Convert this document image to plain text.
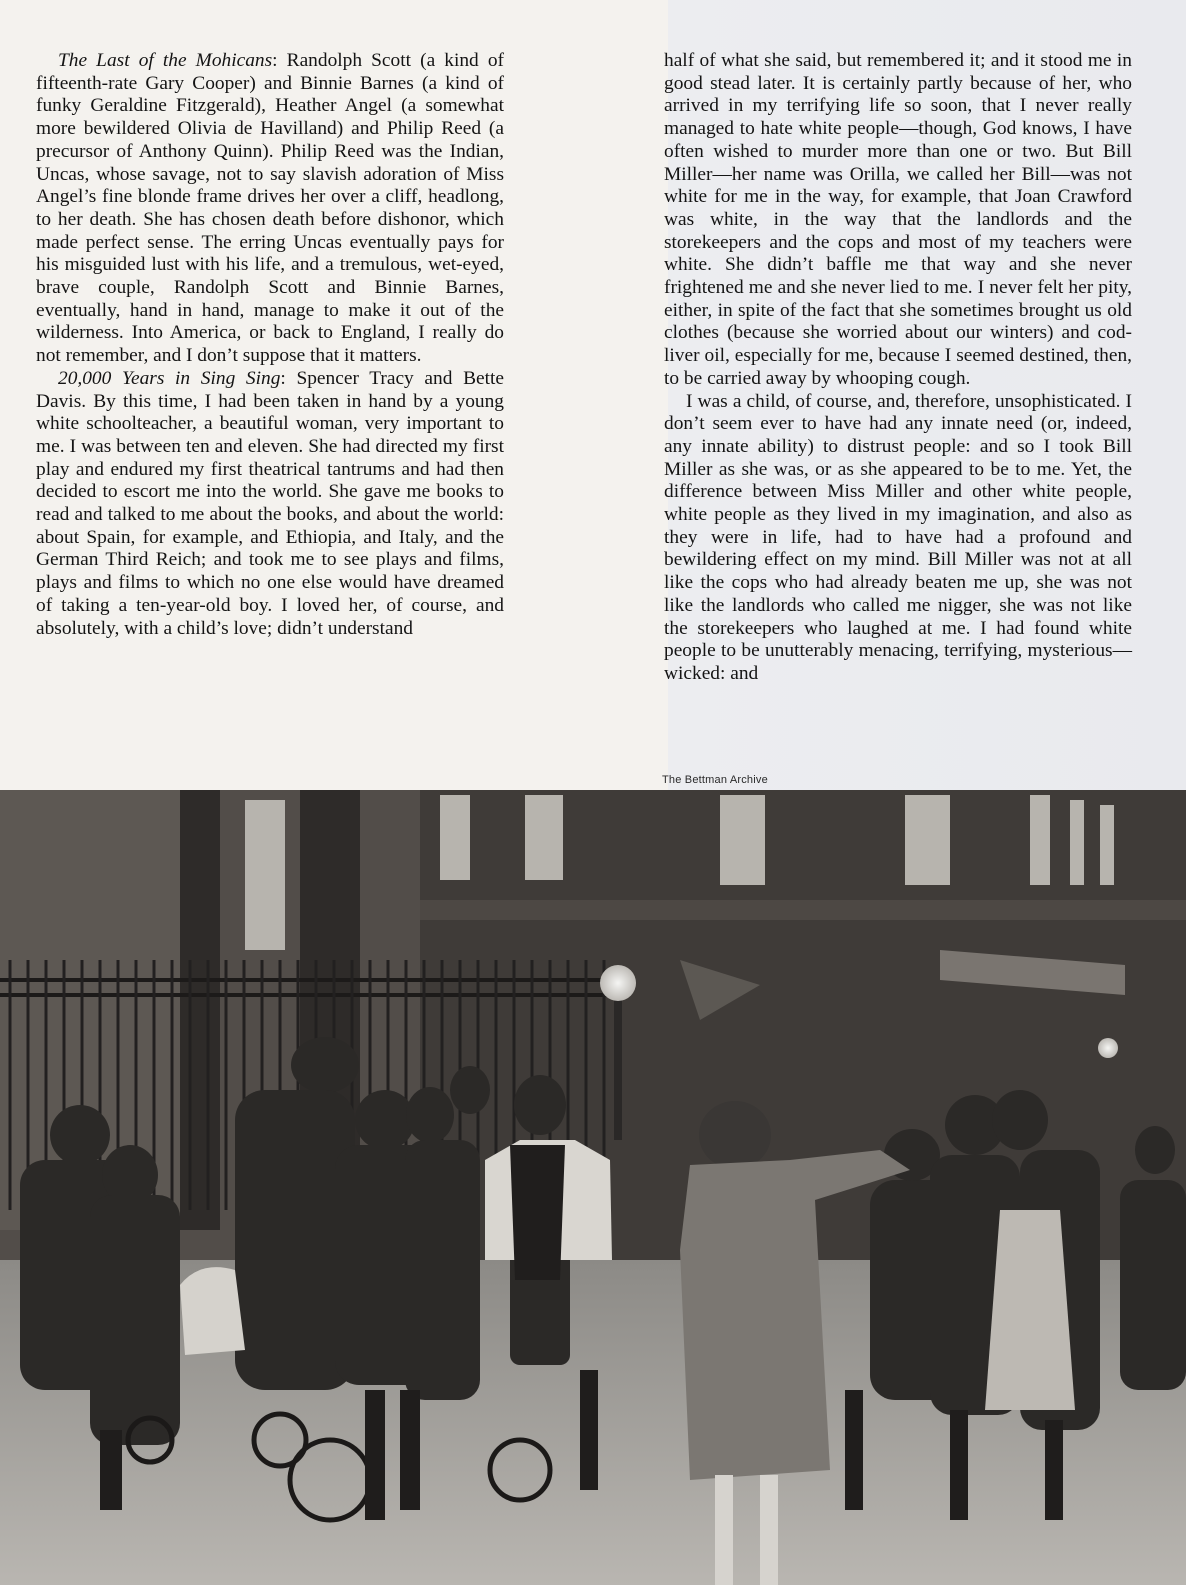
The Last of the Mohicans: Randolph Scott (a kind of fifteenth-rate Gary Cooper) and Binnie Barnes (a kind of funky Geraldine Fitzgerald), Heather Angel (a somewhat more bewildered Olivia de Havilland) and Philip Reed (a precursor of Anthony Quinn). Philip Reed was the Indian, Uncas, whose savage, not to say slavish adoration of Miss Angel’s fine blonde frame drives her over a cliff, headlong, to her death. She has chosen death before dishonor, which made perfect sense. The erring Uncas eventually pays for his misguided lust with his life, and a tremulous, wet-eyed, brave couple, Randolph Scott and Binnie Barnes, eventually, hand in hand, manage to make it out of the wilderness. Into America, or back to England, I really do not remember, and I don’t suppose that it matters.

20,000 Years in Sing Sing: Spencer Tracy and Bette Davis. By this time, I had been taken in hand by a young white schoolteacher, a beautiful woman, very important to me. I was between ten and eleven. She had directed my first play and endured my first theatrical tantrums and had then decided to escort me into the world. She gave me books to read and talked to me about the books, and about the world: about Spain, for example, and Ethiopia, and Italy, and the German Third Reich; and took me to see plays and films, plays and films to which no one else would have dreamed of taking a ten-year-old boy. I loved her, of course, and absolutely, with a child’s love; didn’t understand

half of what she said, but remembered it; and it stood me in good stead later. It is certainly partly because of her, who arrived in my terrifying life so soon, that I never really managed to hate white people—though, God knows, I have often wished to murder more than one or two. But Bill Miller—her name was Orilla, we called her Bill—was not white for me in the way, for example, that Joan Crawford was white, in the way that the landlords and the storekeepers and the cops and most of my teachers were white. She didn’t baffle me that way and she never frightened me and she never lied to me. I never felt her pity, either, in spite of the fact that she sometimes brought us old clothes (because she worried about our winters) and cod-liver oil, especially for me, because I seemed destined, then, to be carried away by whooping cough.

I was a child, of course, and, therefore, unsophisticated. I don’t seem ever to have had any innate need (or, indeed, any innate ability) to distrust people: and so I took Bill Miller as she was, or as she appeared to be to me. Yet, the difference between Miss Miller and other white people, white people as they lived in my imagination, and also as they were in life, had to have had a profound and bewildering effect on my mind. Bill Miller was not at all like the cops who had already beaten me up, she was not like the landlords who called me nigger, she was not like the storekeepers who laughed at me. I had found white people to be unutterably menacing, terrifying, mysterious—wicked: and

The Bettman Archive
